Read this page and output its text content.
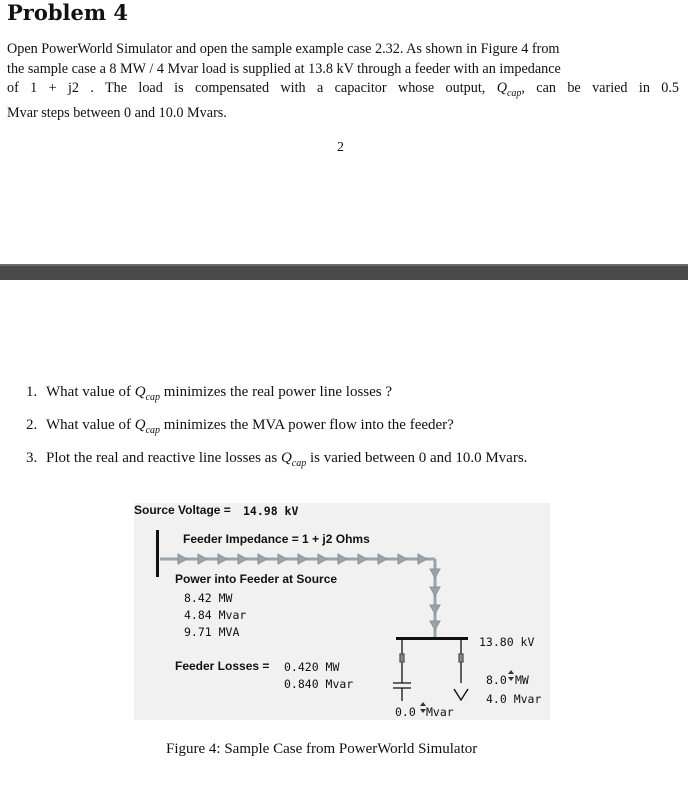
Problem 4
Open PowerWorld Simulator and open the sample example case 2.32. As shown in Figure 4 from
the sample case a 8 MW / 4 Mvar load is supplied at 13.8 kV through a feeder with an impedance
of 1 + j2 . The load is compensated with a capacitor whose output, $Q_{cap}$, can be varied in 0.5
Mvar steps between 0 and 10.0 Mvars.
2
1. What value of $Q_{cap}$ minimizes the real power line losses ?
2. What value of $Q_{cap}$ minimizes the MVA power flow into the feeder?
3. Plot the real and reactive line losses as $Q_{cap}$ is varied between 0 and 10.0 Mvars.
Source Voltage = 14.98 kV
Feeder Impedance = 1 + j2 Ohms
Power into Feeder at Source
8.42 MW
4.84 Mvar
9.71 MVA
Feeder Losses = 0.420 MW
0.840 Mvar
13.80 kV
8.0 MW
4.0 Mvar
0.0 Mvar
Figure 4: Sample Case from PowerWorld Simulator
